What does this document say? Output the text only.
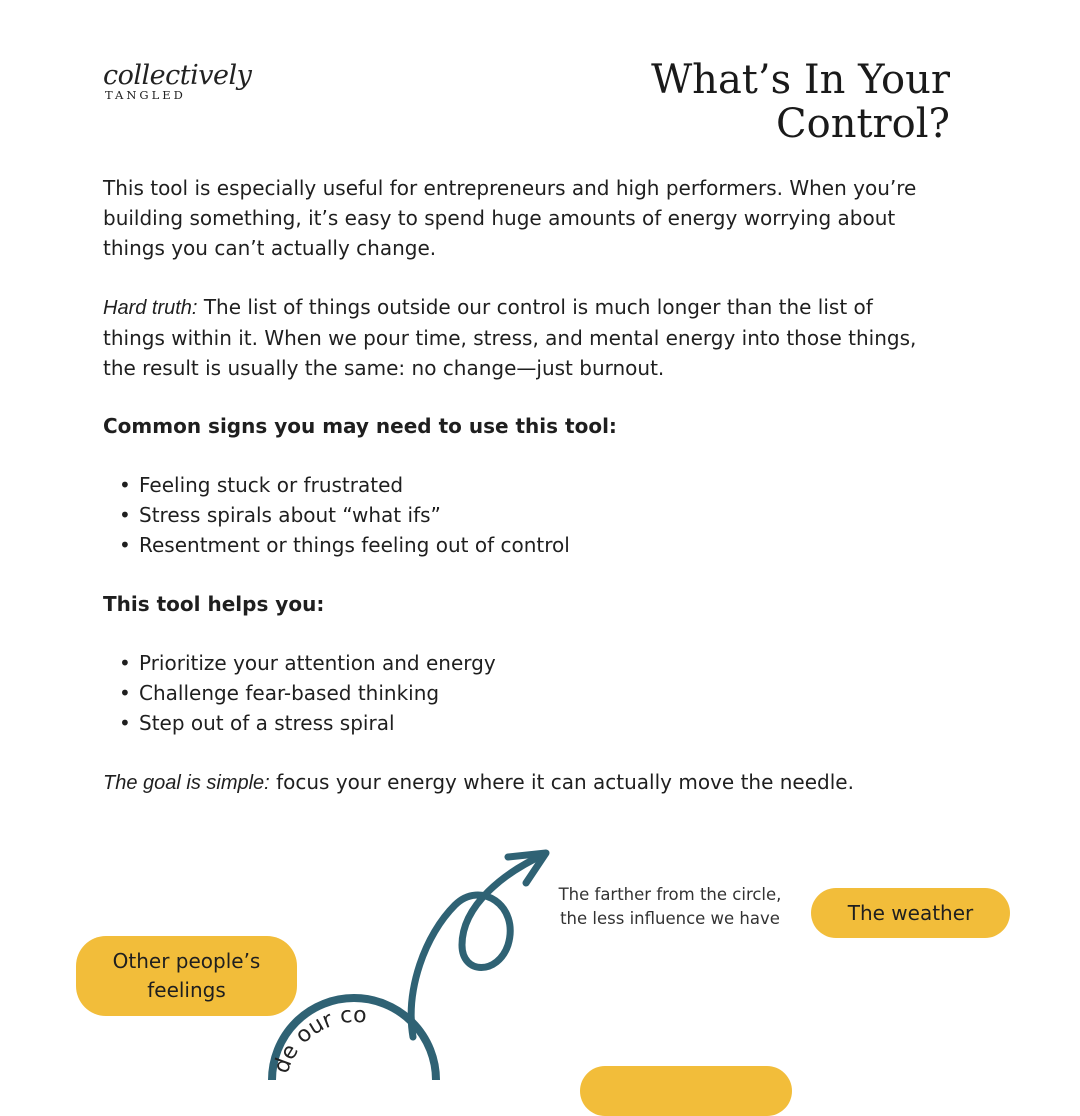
collectively
TANGLED	What’s In Your Control?

This tool is especially useful for entrepreneurs and high performers. When you’re
building something, it’s easy to spend huge amounts of energy worrying about
things you can’t actually change.

Hard truth: The list of things outside our control is much longer than the list of
things within it. When we pour time, stress, and mental energy into those things,
the result is usually the same: no change—just burnout.

Common signs you may need to use this tool:

• Feeling stuck or frustrated
• Stress spirals about “what ifs”
• Resentment or things feeling out of control

This tool helps you:

• Prioritize your attention and energy
• Challenge fear-based thinking
• Step out of a stress spiral

The goal is simple: focus your energy where it can actually move the needle.

de our co
The farther from the circle,
the less influence we have	The weather
Other people’s
feelings
